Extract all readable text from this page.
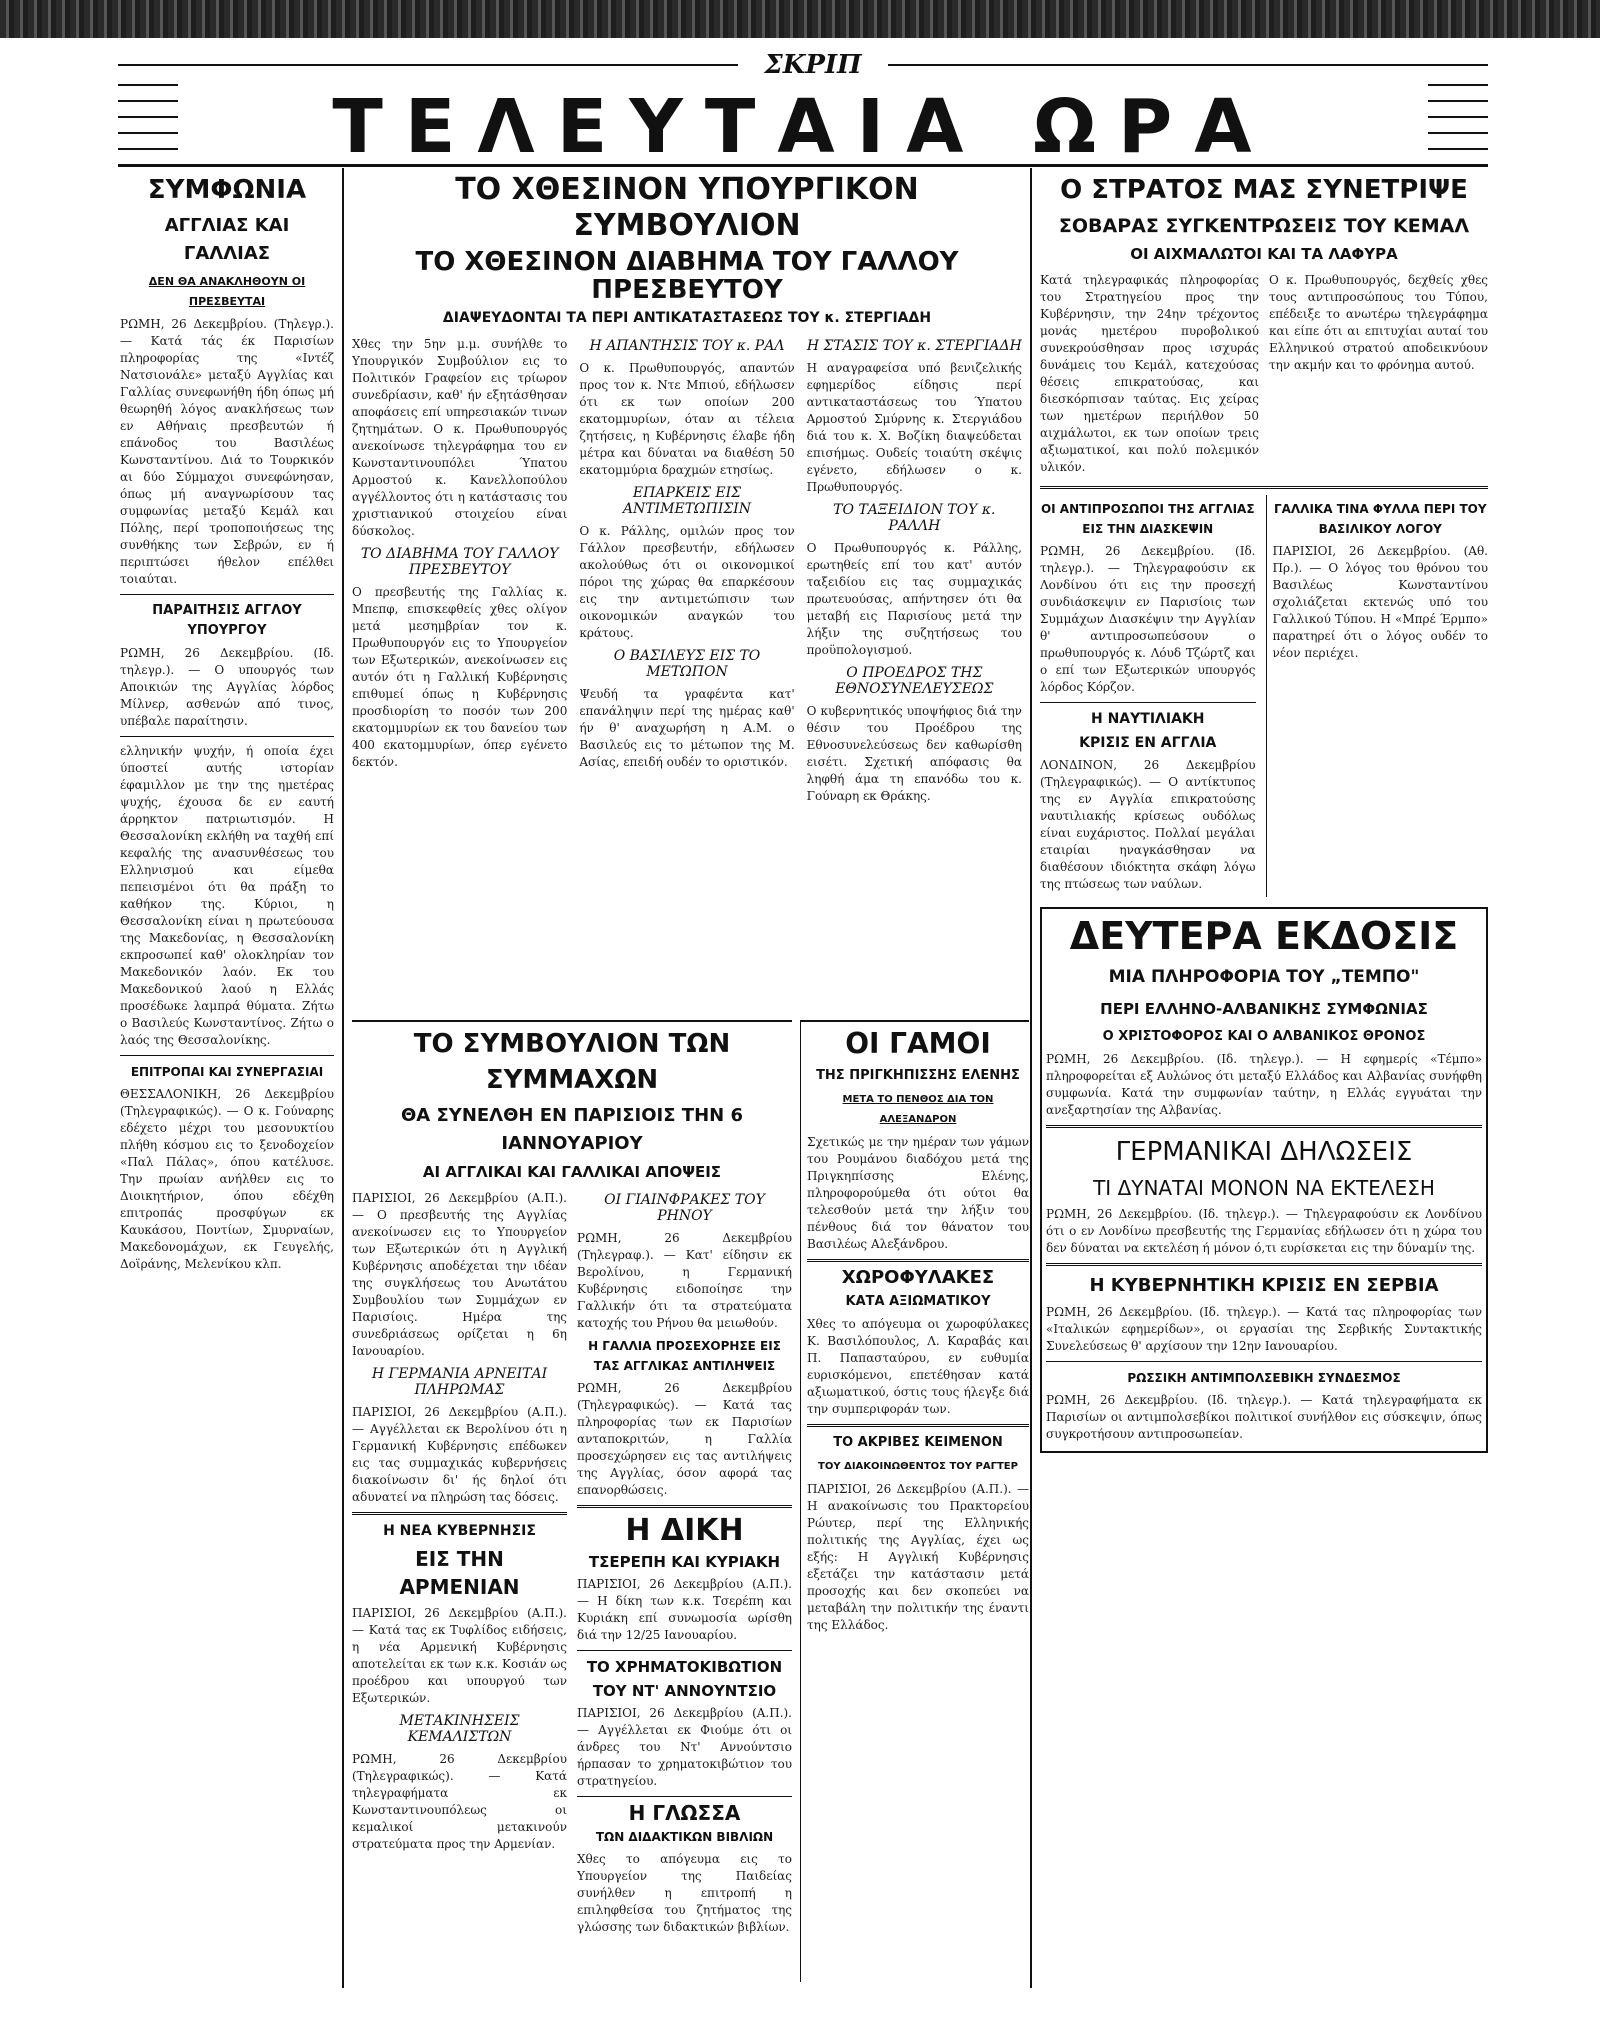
ΣΚΡΙΠ
ΤΕΛΕΥΤΑΙΑ ΩΡΑ
ΣΥΜΦΩΝΙΑ
ΑΓΓΛΙΑΣ ΚΑΙ ΓΑΛΛΙΑΣ
ΔΕΝ ΘΑ ΑΝΑΚΛΗΘΟΥΝ ΟΙ ΠΡΕΣΒΕΥΤΑΙ

ΡΩΜΗ, 26 Δεκεμβρίου. (Τηλεγρ.). — Κατά τάς έκ Παρισίων πληροφορίας της «Ιντέζ Νατσιονάλε» μεταξύ Αγγλίας και Γαλλίας συνεφωνήθη ήδη όπως μή θεωρηθή λόγος ανακλήσεως των εν Αθήναις πρεσβευτών ή επάνοδος του Βασιλέως Κωνσταντίνου. Διά το Τουρκικόν αι δύο Σύμμαχοι συνεφώνησαν, όπως μή αναγνωρίσουν τας συμφωνίας μεταξύ Κεμάλ και Πόλης, περί τροποποιήσεως της συνθήκης των Σεβρών, εν ή περιπτώσει ήθελον επέλθει τοιαύται.

ΠΑΡΑΙΤΗΣΙΣ ΑΓΓΛΟΥ ΥΠΟΥΡΓΟΥ

ΡΩΜΗ, 26 Δεκεμβρίου. (Ιδ. τηλεγρ.). — Ο υπουργός των Αποικιών της Αγγλίας λόρδος Μίλνερ, ασθενών από τινος, υπέβαλε παραίτησιν.

ελληνικήν ψυχήν, ή οποία έχει ύποστεί αυτής ιστορίαν έφαμιλλον με την της ημετέρας ψυχής, έχουσα δε εν εαυτή άρρηκτον πατριωτισμόν. Η Θεσσαλονίκη εκλήθη να ταχθή επί κεφαλής της ανασυνθέσεως του Ελληνισμού και είμεθα πεπεισμένοι ότι θα πράξη το καθήκον της. Κύριοι, η Θεσσαλονίκη είναι η πρωτεύουσα της Μακεδονίας, η Θεσσαλονίκη εκπροσωπεί καθ' ολοκληρίαν τον Μακεδονικόν λαόν. Εκ του Μακεδονικού λαού η Ελλάς προσέδωκε λαμπρά θύματα. Ζήτω ο Βασιλεύς Κωνσταντίνος. Ζήτω ο λαός της Θεσσαλονίκης.

ΕΠΙΤΡΟΠΑΙ ΚΑΙ ΣΥΝΕΡΓΑΣΙΑΙ

ΘΕΣΣΑΛΟΝΙΚΗ, 26 Δεκεμβρίου (Τηλεγραφικώς). — Ο κ. Γούναρης εδέχετο μέχρι του μεσονυκτίου πλήθη κόσμου εις το ξενοδοχείον «Παλ Πάλας», όπου κατέλυσε. Την πρωίαν ανήλθεν εις το Διοικητήριον, όπου εδέχθη επιτροπάς προσφύγων εκ Καυκάσου, Ποντίων, Σμυρναίων, Μακεδονομάχων, εκ Γευγελής, Δοϊράνης, Μελενίκου κλπ.

ΤΟ ΧΘΕΣΙΝΟΝ ΥΠΟΥΡΓΙΚΟΝ ΣΥΜΒΟΥΛΙΟΝ
ΤΟ ΧΘΕΣΙΝΟΝ ΔΙΑΒΗΜΑ ΤΟΥ ΓΑΛΛΟΥ ΠΡΕΣΒΕΥΤΟΥ
ΔΙΑΨΕΥΔΟΝΤΑΙ ΤΑ ΠΕΡΙ ΑΝΤΙΚΑΤΑΣΤΑΣΕΩΣ ΤΟΥ κ. ΣΤΕΡΓΙΑΔΗ

Χθες την 5ην μ.μ. συνήλθε το Υπουργικόν Συμβούλιον εις το Πολιτικόν Γραφείον εις τρίωρον συνεδρίασιν, καθ' ήν εξητάσθησαν αποφάσεις επί υπηρεσιακών τινων ζητημάτων. Ο κ. Πρωθυπουργός ανεκοίνωσε τηλεγράφημα του εν Κωνσταντινουπόλει Ύπατου Αρμοστού κ. Κανελλοπούλου αγγέλλοντος ότι η κατάστασις του χριστιανικού στοιχείου είναι δύσκολος.

ΤΟ ΔΙΑΒΗΜΑ ΤΟΥ ΓΑΛΛΟΥ ΠΡΕΣΒΕΥΤΟΥ

Ο πρεσβευτής της Γαλλίας κ. Μπεπφ, επισκεφθείς χθες ολίγον μετά μεσημβρίαν τον κ. Πρωθυπουργόν εις το Υπουργείον των Εξωτερικών, ανεκοίνωσεν εις αυτόν ότι η Γαλλική Κυβέρνησις επιθυμεί όπως η Κυβέρνησις προσδιορίση το ποσόν των 200 εκατομμυρίων εκ του δανείου των 400 εκατομμυρίων, όπερ εγένετο δεκτόν.

Η ΑΠΑΝΤΗΣΙΣ ΤΟΥ κ. ΡΑΛ

Ο κ. Πρωθυπουργός, απαντών προς τον κ. Ντε Μπιού, εδήλωσεν ότι εκ των οποίων 200 εκατομμυρίων, όταν αι τέλεια ζητήσεις, η Κυβέρνησις έλαβε ήδη μέτρα και δύναται να διαθέση 50 εκατομμύρια δραχμών ετησίως.

ΕΠΑΡΚΕΙΣ ΕΙΣ ΑΝΤΙΜΕΤΩΠΙΣΙΝ

Ο κ. Ράλλης, ομιλών προς τον Γάλλον πρεσβευτήν, εδήλωσεν ακολούθως ότι οι οικονομικοί πόροι της χώρας θα επαρκέσουν εις την αντιμετώπισιν των οικονομικών αναγκών του κράτους.

Ο ΒΑΣΙΛΕΥΣ ΕΙΣ ΤΟ ΜΕΤΩΠΟΝ

Ψευδή τα γραφέντα κατ' επανάληψιν περί της ημέρας καθ' ήν θ' αναχωρήση η Α.Μ. ο Βασιλεύς εις το μέτωπον της Μ. Ασίας, επειδή ουδέν το οριστικόν.

Η ΣΤΑΣΙΣ ΤΟΥ κ. ΣΤΕΡΓΙΑΔΗ

Η αναγραφείσα υπό βενιζελικής εφημερίδος είδησις περί αντικαταστάσεως του Ύπατου Αρμοστού Σμύρνης κ. Στεργιάδου διά του κ. Χ. Βοζίκη διαψεύδεται επισήμως. Ουδείς τοιαύτη σκέψις εγένετο, εδήλωσεν ο κ. Πρωθυπουργός.

ΤΟ ΤΑΞΕΙΔΙΟΝ ΤΟΥ κ. ΡΑΛΛΗ

Ο Πρωθυπουργός κ. Ράλλης, ερωτηθείς επί του κατ' αυτόν ταξειδίου εις τας συμμαχικάς πρωτευούσας, απήντησεν ότι θα μεταβή εις Παρισίους μετά την λήξιν της συζητήσεως του προϋπολογισμού.

Ο ΠΡΟΕΔΡΟΣ ΤΗΣ ΕΘΝΟΣΥΝΕΛΕΥΣΕΩΣ

Ο κυβερνητικός υποψήφιος διά την θέσιν του Προέδρου της Εθνοσυνελεύσεως δεν καθωρίσθη εισέτι. Σχετική απόφασις θα ληφθή άμα τη επανόδω του κ. Γούναρη εκ Θράκης.

ΤΟ ΣΥΜΒΟΥΛΙΟΝ ΤΩΝ ΣΥΜΜΑΧΩΝ
ΘΑ ΣΥΝΕΛΘΗ ΕΝ ΠΑΡΙΣΙΟΙΣ ΤΗΝ 6 ΙΑΝΝΟΥΑΡΙΟΥ
ΑΙ ΑΓΓΛΙΚΑΙ ΚΑΙ ΓΑΛΛΙΚΑΙ ΑΠΟΨΕΙΣ

ΠΑΡΙΣΙΟΙ, 26 Δεκεμβρίου (Α.Π.). — Ο πρεσβευτής της Αγγλίας ανεκοίνωσεν εις το Υπουργείον των Εξωτερικών ότι η Αγγλική Κυβέρνησις αποδέχεται την ιδέαν της συγκλήσεως του Ανωτάτου Συμβουλίου των Συμμάχων εν Παρισίοις. Ημέρα της συνεδριάσεως ορίζεται η 6η Ιανουαρίου.

Η ΓΕΡΜΑΝΙΑ ΑΡΝΕΙΤΑΙ ΠΛΗΡΩΜΑΣ

ΠΑΡΙΣΙΟΙ, 26 Δεκεμβρίου (Α.Π.). — Αγγέλλεται εκ Βερολίνου ότι η Γερμανική Κυβέρνησις επέδωκεν εις τας συμμαχικάς κυβερνήσεις διακοίνωσιν δι' ής δηλοί ότι αδυνατεί να πληρώση τας δόσεις.

Η ΝΕΑ ΚΥΒΕΡΝΗΣΙΣ
ΕΙΣ ΤΗΝ ΑΡΜΕΝΙΑΝ

ΠΑΡΙΣΙΟΙ, 26 Δεκεμβρίου (Α.Π.). — Κατά τας εκ Τυφλίδος ειδήσεις, η νέα Αρμενική Κυβέρνησις αποτελείται εκ των κ.κ. Κοσιάν ως προέδρου και υπουργού των Εξωτερικών.

ΜΕΤΑΚΙΝΗΣΕΙΣ ΚΕΜΑΛΙΣΤΩΝ

ΡΩΜΗ, 26 Δεκεμβρίου (Τηλεγραφικώς). — Κατά τηλεγραφήματα εκ Κωνσταντινουπόλεως οι κεμαλικοί μετακινούν στρατεύματα προς την Αρμενίαν.

ΟΙ ΓΙΑΙΝΦΡΑΚΕΣ ΤΟΥ ΡΗΝΟΥ

ΡΩΜΗ, 26 Δεκεμβρίου (Τηλεγραφ.). — Κατ' είδησιν εκ Βερολίνου, η Γερμανική Κυβέρνησις ειδοποίησε την Γαλλικήν ότι τα στρατεύματα κατοχής του Ρήνου θα μειωθούν.

Η ΓΑΛΛΙΑ ΠΡΟΣΕΧΟΡΗΣΕ ΕΙΣ ΤΑΣ ΑΓΓΛΙΚΑΣ ΑΝΤΙΛΗΨΕΙΣ

ΡΩΜΗ, 26 Δεκεμβρίου (Τηλεγραφικώς). — Κατά τας πληροφορίας των εκ Παρισίων ανταποκριτών, η Γαλλία προσεχώρησεν εις τας αντιλήψεις της Αγγλίας, όσον αφορά τας επανορθώσεις.

Η ΔΙΚΗ
ΤΣΕΡΕΠΗ ΚΑΙ ΚΥΡΙΑΚΗ

ΠΑΡΙΣΙΟΙ, 26 Δεκεμβρίου (Α.Π.). — Η δίκη των κ.κ. Τσερέπη και Κυριάκη επί συνωμοσία ωρίσθη διά την 12/25 Ιανουαρίου.

ΤΟ ΧΡΗΜΑΤΟΚΙΒΩΤΙΟΝ
ΤΟΥ ΝΤ' ΑΝΝΟΥΝΤΣΙΟ

ΠΑΡΙΣΙΟΙ, 26 Δεκεμβρίου (Α.Π.). — Αγγέλλεται εκ Φιούμε ότι οι άνδρες του Ντ' Αννούντσιο ήρπασαν το χρηματοκιβώτιον του στρατηγείου.

Η ΓΛΩΣΣΑ
ΤΩΝ ΔΙΔΑΚΤΙΚΩΝ ΒΙΒΛΙΩΝ

Χθες το απόγευμα εις το Υπουργείον της Παιδείας συνήλθεν η επιτροπή η επιληφθείσα του ζητήματος της γλώσσης των διδακτικών βιβλίων.

ΟΙ ΓΑΜΟΙ
ΤΗΣ ΠΡΙΓΚΗΠΙΣΣΗΣ ΕΛΕΝΗΣ
ΜΕΤΑ ΤΟ ΠΕΝΘΟΣ ΔΙΑ ΤΟΝ ΑΛΕΞΑΝΔΡΟΝ

Σχετικώς με την ημέραν των γάμων του Ρουμάνου διαδόχου μετά της Πριγκηπίσσης Ελένης, πληροφορούμεθα ότι ούτοι θα τελεσθούν μετά την λήξιν του πένθους διά τον θάνατον του Βασιλέως Αλεξάνδρου.

ΧΩΡΟΦΥΛΑΚΕΣ
ΚΑΤΑ ΑΞΙΩΜΑΤΙΚΟΥ

Χθες το απόγευμα οι χωροφύλακες Κ. Βασιλόπουλος, Λ. Καραβάς και Π. Παπασταύρου, εν ευθυμία ευρισκόμενοι, επετέθησαν κατά αξιωματικού, όστις τους ήλεγξε διά την συμπεριφοράν των.

ΤΟ ΑΚΡΙΒΕΣ ΚΕΙΜΕΝΟΝ
ΤΟΥ ΔΙΑΚΟΙΝΩΘΕΝΤΟΣ ΤΟΥ ΡΑΓΤΕΡ

ΠΑΡΙΣΙΟΙ, 26 Δεκεμβρίου (Α.Π.). — Η ανακοίνωσις του Πρακτορείου Ρώυτερ, περί της Ελληνικής πολιτικής της Αγγλίας, έχει ως εξής: Η Αγγλική Κυβέρνησις εξετάζει την κατάστασιν μετά προσοχής και δεν σκοπεύει να μεταβάλη την πολιτικήν της έναντι της Ελλάδος.

Ο ΣΤΡΑΤΟΣ ΜΑΣ ΣΥΝΕΤΡΙΨΕ
ΣΟΒΑΡΑΣ ΣΥΓΚΕΝΤΡΩΣΕΙΣ ΤΟΥ ΚΕΜΑΛ
ΟΙ ΑΙΧΜΑΛΩΤΟΙ ΚΑΙ ΤΑ ΛΑΦΥΡΑ

Κατά τηλεγραφικάς πληροφορίας του Στρατηγείου προς την Κυβέρνησιν, την 24ην τρέχοντος μονάς ημετέρου πυροβολικού συνεκρούσθησαν προς ισχυράς δυνάμεις του Κεμάλ, κατεχούσας θέσεις επικρατούσας, και διεσκόρπισαν ταύτας. Εις χείρας των ημετέρων περιήλθον 50 αιχμάλωτοι, εκ των οποίων τρεις αξιωματικοί, και πολύ πολεμικόν υλικόν.

Ο κ. Πρωθυπουργός, δεχθείς χθες τους αντιπροσώπους του Τύπου, επέδειξε το ανωτέρω τηλεγράφημα και είπε ότι αι επιτυχίαι αυταί του Ελληνικού στρατού αποδεικνύουν την ακμήν και το φρόνημα αυτού.

ΟΙ ΑΝΤΙΠΡΟΣΩΠΟΙ ΤΗΣ ΑΓΓΛΙΑΣ ΕΙΣ ΤΗΝ ΔΙΑΣΚΕΨΙΝ

ΡΩΜΗ, 26 Δεκεμβρίου. (Ιδ. τηλεγρ.). — Τηλεγραφούσιν εκ Λονδίνου ότι εις την προσεχή συνδιάσκεψιν εν Παρισίοις των Συμμάχων Διασκέψιν την Αγγλίαν θ' αντιπροσωπεύσουν ο πρωθυπουργός κ. Λόυδ Τζώρτζ και ο επί των Εξωτερικών υπουργός λόρδος Κόρζον.

Η ΝΑΥΤΙΛΙΑΚΗ
ΚΡΙΣΙΣ ΕΝ ΑΓΓΛΙΑ

ΛΟΝΔΙΝΟΝ, 26 Δεκεμβρίου (Τηλεγραφικώς). — Ο αντίκτυπος της εν Αγγλία επικρατούσης ναυτιλιακής κρίσεως ουδόλως είναι ευχάριστος. Πολλαί μεγάλαι εταιρίαι ηναγκάσθησαν να διαθέσουν ιδιόκτητα σκάφη λόγω της πτώσεως των ναύλων.

ΓΑΛΛΙΚΑ ΤΙΝΑ ΦΥΛΛΑ ΠΕΡΙ ΤΟΥ ΒΑΣΙΛΙΚΟΥ ΛΟΓΟΥ

ΠΑΡΙΣΙΟΙ, 26 Δεκεμβρίου. (Αθ. Πρ.). — Ο λόγος του θρόνου του Βασιλέως Κωνσταντίνου σχολιάζεται εκτενώς υπό του Γαλλικού Τύπου. Η «Μπρέ Έρμπο» παρατηρεί ότι ο λόγος ουδέν το νέον περιέχει.

ΔΕΥΤΕΡΑ ΕΚΔΟΣΙΣ
ΜΙΑ ΠΛΗΡΟΦΟΡΙΑ ΤΟΥ „ΤΕΜΠΟ"
ΠΕΡΙ ΕΛΛΗΝΟ-ΑΛΒΑΝΙΚΗΣ ΣΥΜΦΩΝΙΑΣ
Ο ΧΡΙΣΤΟΦΟΡΟΣ ΚΑΙ Ο ΑΛΒΑΝΙΚΟΣ ΘΡΟΝΟΣ

ΡΩΜΗ, 26 Δεκεμβρίου. (Ιδ. τηλεγρ.). — Η εφημερίς «Τέμπο» πληροφορείται εξ Αυλώνος ότι μεταξύ Ελλάδος και Αλβανίας συνήφθη συμφωνία. Κατά την συμφωνίαν ταύτην, η Ελλάς εγγυάται την ανεξαρτησίαν της Αλβανίας.

ΓΕΡΜΑΝΙΚΑΙ ΔΗΛΩΣΕΙΣ
ΤΙ ΔΥΝΑΤΑΙ ΜΟΝΟΝ ΝΑ ΕΚΤΕΛΕΣΗ

ΡΩΜΗ, 26 Δεκεμβρίου. (Ιδ. τηλεγρ.). — Τηλεγραφούσιν εκ Λονδίνου ότι ο εν Λονδίνω πρεσβευτής της Γερμανίας εδήλωσεν ότι η χώρα του δεν δύναται να εκτελέση ή μόνον ό,τι ευρίσκεται εις την δύναμίν της.

Η ΚΥΒΕΡΝΗΤΙΚΗ ΚΡΙΣΙΣ ΕΝ ΣΕΡΒΙΑ

ΡΩΜΗ, 26 Δεκεμβρίου. (Ιδ. τηλεγρ.). — Κατά τας πληροφορίας των «Ιταλικών εφημερίδων», οι εργασίαι της Σερβικής Συντακτικής Συνελεύσεως θ' αρχίσουν την 12ην Ιανουαρίου.

ΡΩΣΣΙΚΗ ΑΝΤΙΜΠΟΛΣΕΒΙΚΗ ΣΥΝΔΕΣΜΟΣ

ΡΩΜΗ, 26 Δεκεμβρίου. (Ιδ. τηλεγρ.). — Κατά τηλεγραφήματα εκ Παρισίων οι αντιμπολσεβίκοι πολιτικοί συνήλθον εις σύσκεψιν, όπως συγκροτήσουν αντιπροσωπείαν.
